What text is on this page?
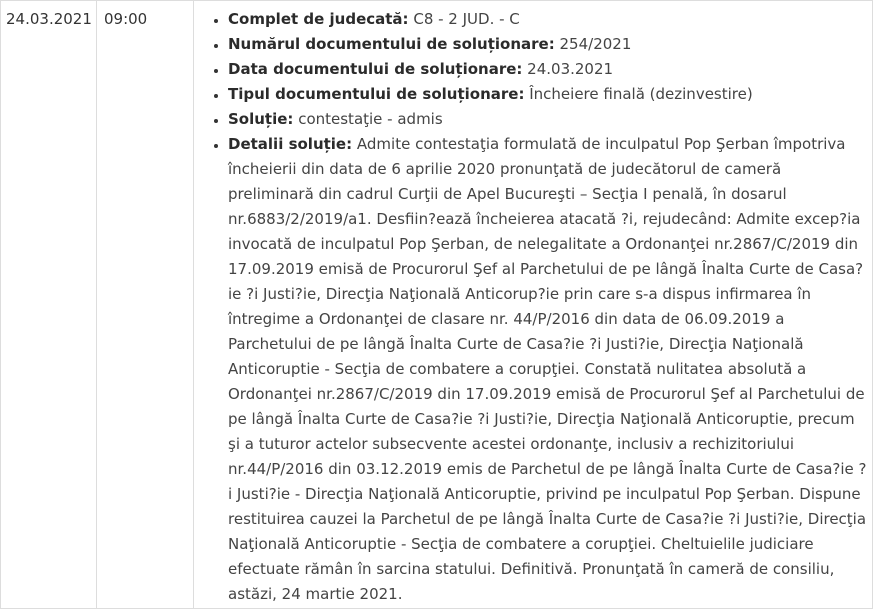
24.03.2021	09:00	
•Complet de judecată: C8 - 2 JUD. - C
• Numărul documentului de soluționare: 254/2021
• Data documentului de soluționare: 24.03.2021
• Tipul documentului de soluționare: Încheiere finală (dezinvestire)
• Soluție: contestaţie - admis
• Detalii soluție: Admite contestaţia formulată de inculpatul Pop Şerban împotriva încheierii din data de 6 aprilie 2020 pronunţată de judecătorul de cameră preliminară din cadrul Curţii de Apel Bucureşti – Secţia I penală, în dosarul nr.6883/2/2019/a1. Desfiin?ează încheierea atacată ?i, rejudecând: Admite excep?ia invocată de inculpatul Pop Şerban, de nelegalitate a Ordonanţei nr.2867/C/2019 din 17.09.2019 emisă de Procurorul Şef al Parchetului de pe lângă Înalta Curte de Casa?ie ?i Justi?ie, Direcţia Naţională Anticorup?ie prin care s-a dispus infirmarea în întregime a Ordonanţei de clasare nr. 44/P/2016 din data de 06.09.2019 a Parchetului de pe lângă Înalta Curte de Casa?ie ?i Justi?ie, Direcţia Naţională Anticoruptie - Secţia de combatere a corupţiei. Constată nulitatea absolută a Ordonanţei nr.2867/C/2019 din 17.09.2019 emisă de Procurorul Şef al Parchetului de pe lângă Înalta Curte de Casa?ie ?i Justi?ie, Direcţia Naţională Anticoruptie, precum şi a tuturor actelor subsecvente acestei ordonanţe, inclusiv a rechizitoriului nr.44/P/2016 din 03.12.2019 emis de Parchetul de pe lângă Înalta Curte de Casa?ie ?i Justi?ie - Direcţia Naţională Anticoruptie, privind pe inculpatul Pop Şerban. Dispune restituirea cauzei la Parchetul de pe lângă Înalta Curte de Casa?ie ?i Justi?ie, Direcţia Naţională Anticoruptie - Secţia de combatere a corupţiei. Cheltuielile judiciare efectuate rămân în sarcina statului. Definitivă. Pronunţată în cameră de consiliu, astăzi, 24 martie 2021.
